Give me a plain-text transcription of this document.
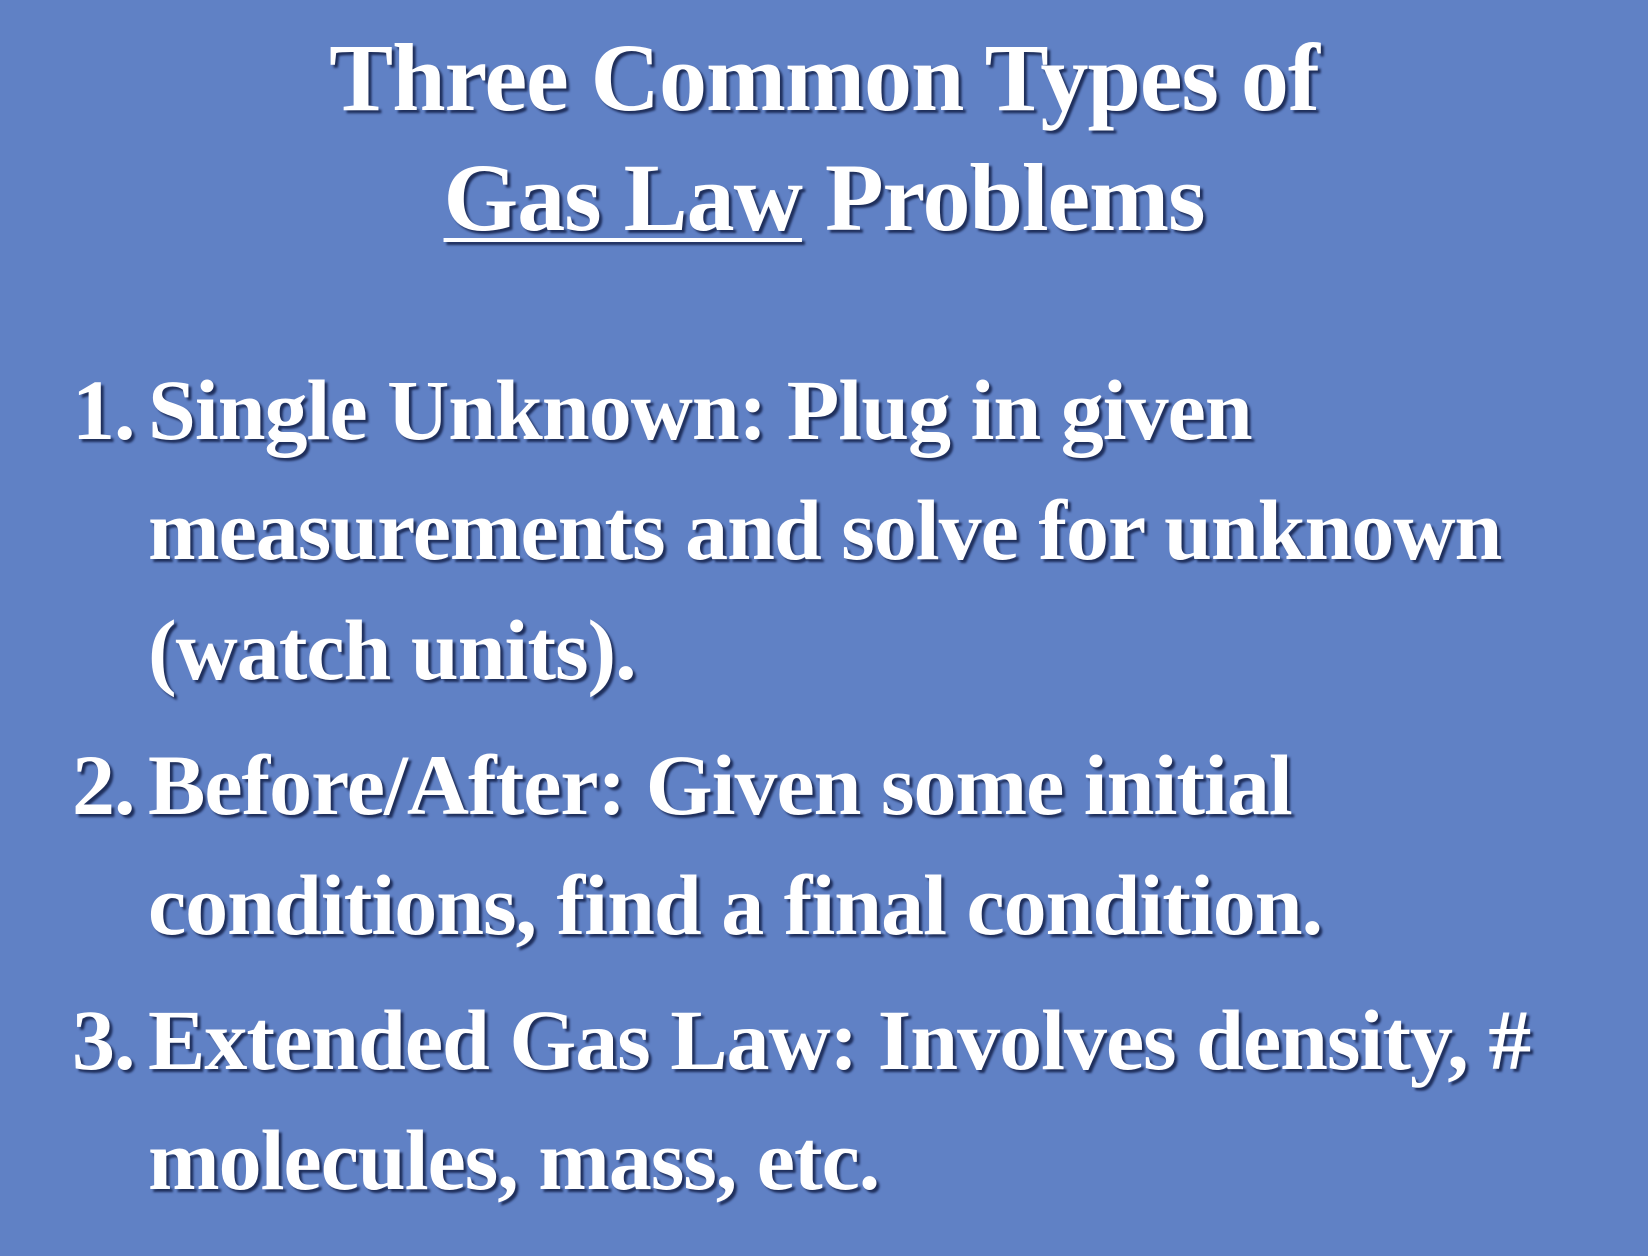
Three Common Types of
Gas Law Problems
1. Single Unknown: Plug in given measurements and solve for unknown (watch units).
2. Before/After: Given some initial conditions, find a final condition.
3. Extended Gas Law: Involves density, # molecules, mass, etc.
